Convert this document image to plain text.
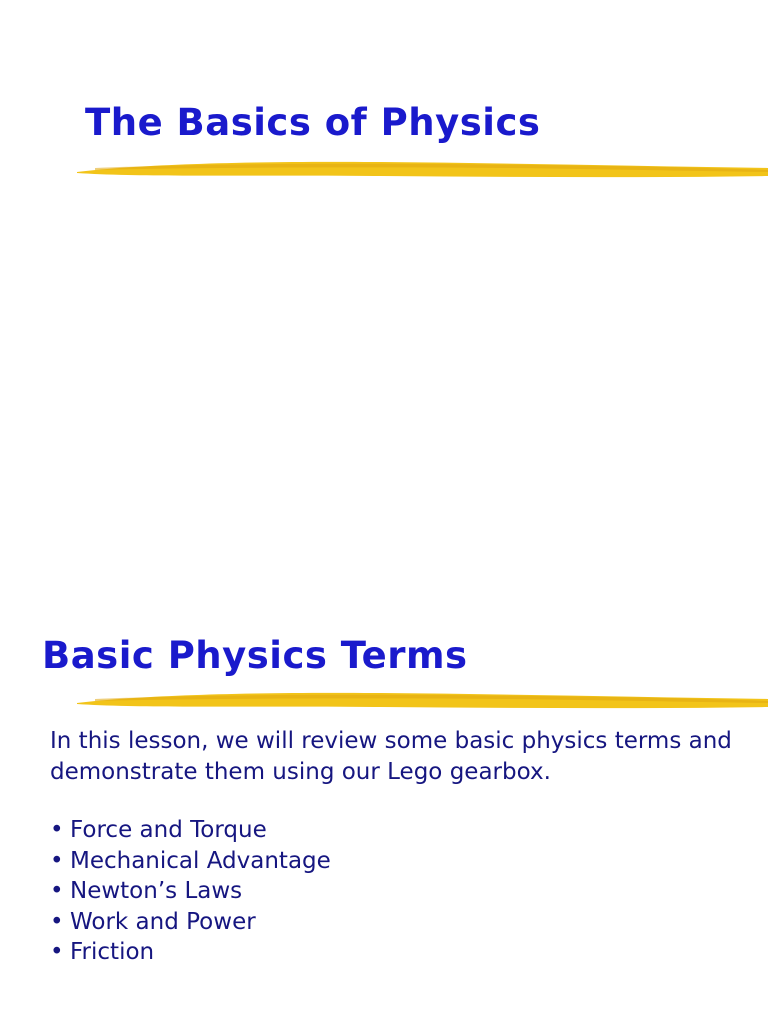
The Basics of Physics
Basic Physics Terms

In this lesson, we will review some basic physics terms and

demonstrate them using our Lego gearbox.

• Force and Torque
• Mechanical Advantage
• Newton’s Laws
• Work and Power
• Friction
